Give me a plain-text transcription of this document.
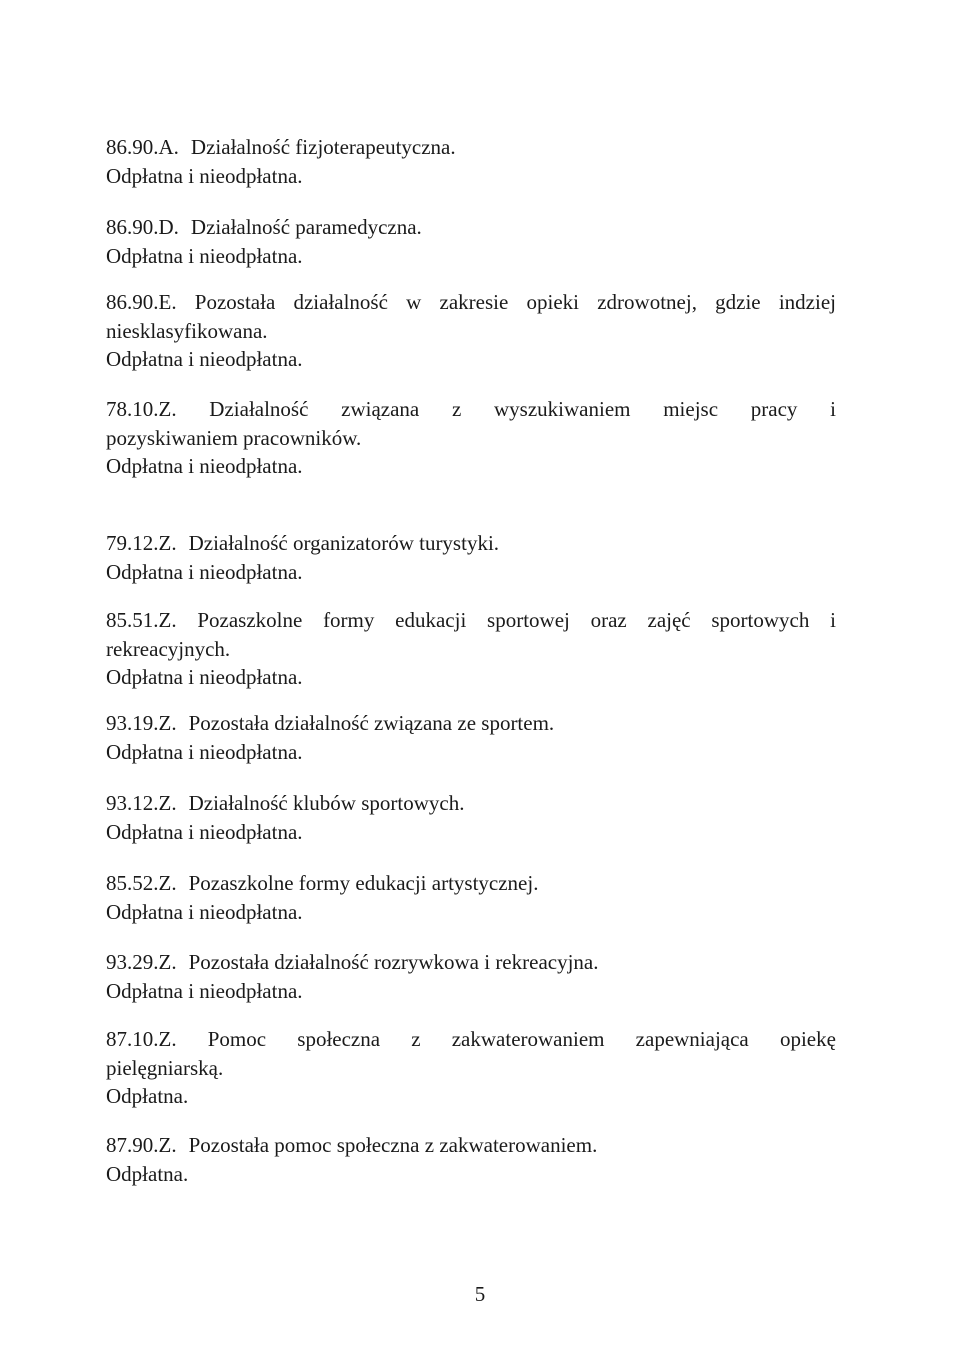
86.90.A. Działalność fizjoterapeutyczna.
Odpłatna i nieodpłatna.
86.90.D. Działalność paramedyczna.
Odpłatna i nieodpłatna.
86.90.E. Pozostała działalność w zakresie opieki zdrowotnej, gdzie indziej
niesklasyfikowana.
Odpłatna i nieodpłatna.
78.10.Z. Działalność związana z wyszukiwaniem miejsc pracy i
pozyskiwaniem pracowników.
Odpłatna i nieodpłatna.
79.12.Z. Działalność organizatorów turystyki.
Odpłatna i nieodpłatna.
85.51.Z. Pozaszkolne formy edukacji sportowej oraz zajęć sportowych i
rekreacyjnych.
Odpłatna i nieodpłatna.
93.19.Z. Pozostała działalność związana ze sportem.
Odpłatna i nieodpłatna.
93.12.Z. Działalność klubów sportowych.
Odpłatna i nieodpłatna.
85.52.Z. Pozaszkolne formy edukacji artystycznej.
Odpłatna i nieodpłatna.
93.29.Z. Pozostała działalność rozrywkowa i rekreacyjna.
Odpłatna i nieodpłatna.
87.10.Z. Pomoc społeczna z zakwaterowaniem zapewniająca opiekę
pielęgniarską.
Odpłatna.
87.90.Z. Pozostała pomoc społeczna z zakwaterowaniem.
Odpłatna.
5
